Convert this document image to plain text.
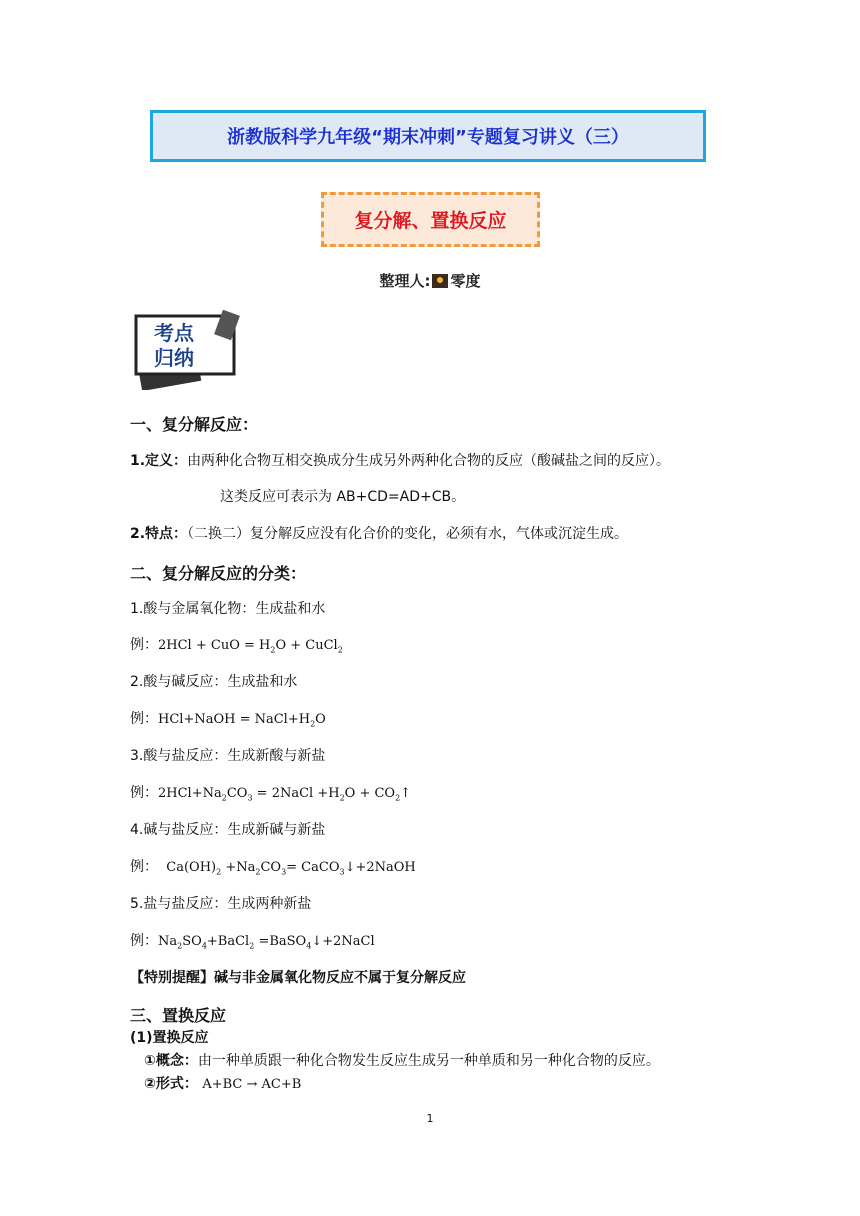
浙教版科学九年级“期末冲刺”专题复习讲义（三）
复分解、置换反应
整理人: 零度
考点
归纳
一、复分解反应：
1.定义：由两种化合物互相交换成分生成另外两种化合物的反应（酸碱盐之间的反应）。
这类反应可表示为 AB+CD=AD+CB。
2.特点：（二换二）复分解反应没有化合价的变化，必须有水，气体或沉淀生成。
二、复分解反应的分类：
1.酸与金属氧化物：生成盐和水
例：2HCl + CuO = $H_2O$ + CuCl$_2$
2.酸与碱反应：生成盐和水
例：HCl+NaOH = $NaCl+H_2O$
3.酸与盐反应：生成新酸与新盐
例：$2HCl+Na_2CO_3$ = 2NaCl $+H_2O$ + $CO_2↑$
4.碱与盐反应：生成新碱与新盐
例：  $Ca(OH)_2 +Na_2CO_3=$ CaCO$_3$↓+2NaOH
5.盐与盐反应：生成两种新盐
例：$Na_2SO_4+BaCl_2$ =BaSO$_4$↓+2NaCl
【特别提醒】碱与非金属氧化物反应不属于复分解反应
三、置换反应
(1)置换反应
①概念：由一种单质跟一种化合物发生反应生成另一种单质和另一种化合物的反应。
②形式： A+BC → AC+B
1
